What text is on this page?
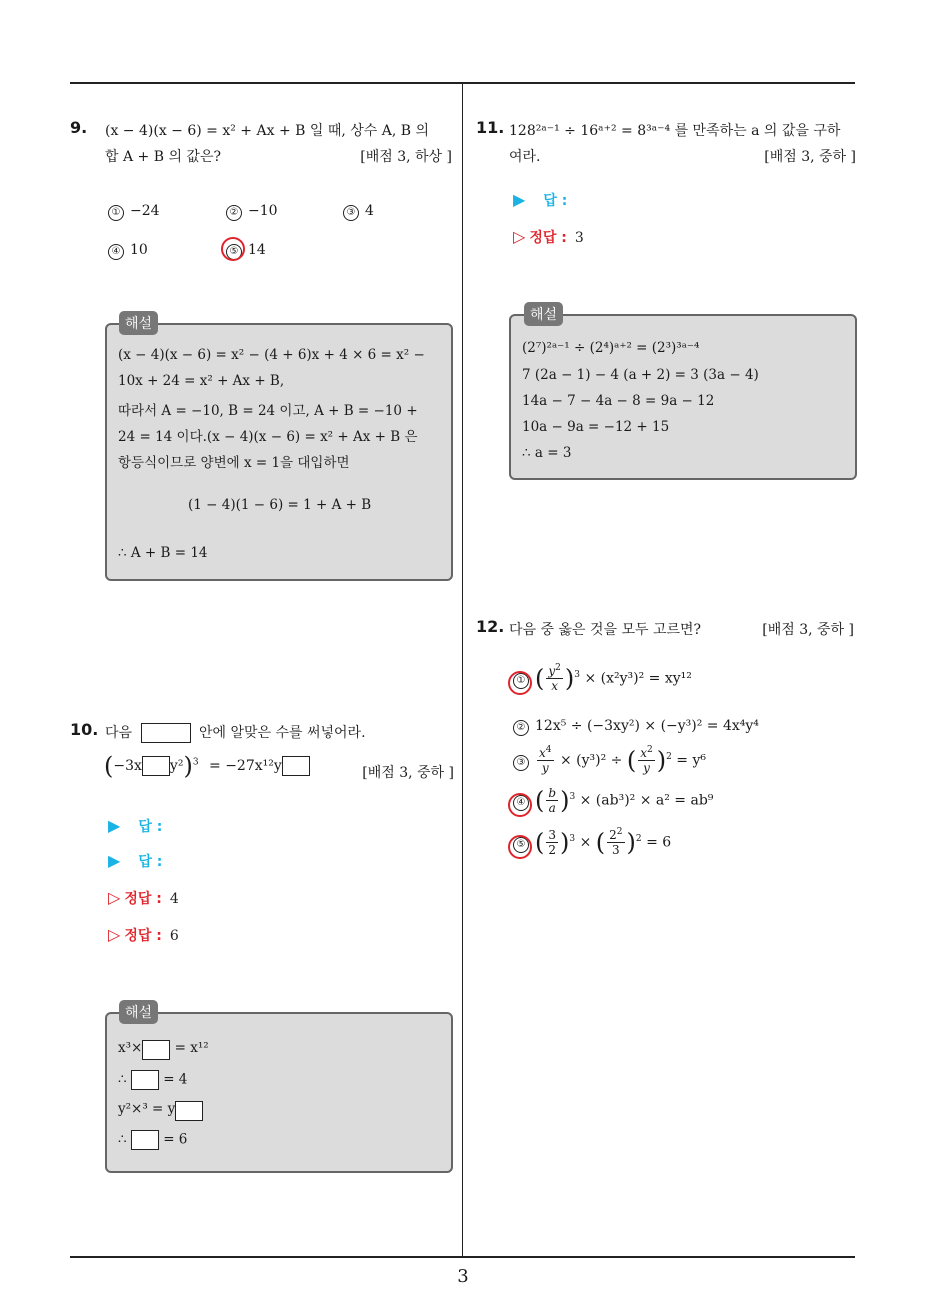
3
9. (x − 4)(x − 6) = x² + Ax + B 일 때, 상수 A, B 의
합 A + B 의 값은?	[배점 3, 하상 ]
① −24	② −10	③ 4
④ 10	⑤ 14
해설
(x − 4)(x − 6) = x² − (4 + 6)x + 4 × 6 = x² −
10x + 24 = x² + Ax + B,
따라서 A = −10, B = 24 이고, A + B = −10 +
24 = 14 이다.(x − 4)(x − 6) = x² + Ax + B 은
항등식이므로 양변에 x = 1을 대입하면
(1 − 4)(1 − 6) = 1 + A + B
∴ A + B = 14
10. 다음	안에 알맞은 수를 써넣어라.
(−3x y²)$^3$ = −27x¹²y	[배점 3, 중하 ]
▶ 답 :
▶ 답 :
▷ 정답 : 4
▷ 정답 : 6
해설
x³× = x¹²
∴	= 4
y²×³ = y
∴	= 6
11. 128²ᵃ⁻¹ ÷ 16ᵃ⁺² = 8³ᵃ⁻⁴ 를 만족하는 a 의 값을 구하
여라.	[배점 3, 중하 ]
▶ 답 :
▷ 정답 : 3
해설
(2⁷)²ᵃ⁻¹ ÷ (2⁴)ᵃ⁺² = (2³)³ᵃ⁻⁴
7 (2a − 1) − 4 (a + 2) = 3 (3a − 4)
14a − 7 − 4a − 8 = 9a − 12
10a − 9a = −12 + 15
∴ a = 3
12. 다음 중 옳은 것을 모두 고르면?	[배점 3, 중하 ]
① ( $\frac{y^2}{x} )^3 \times (x^2y^3)^2 = xy^{12}$
② 12x⁵ ÷ (−3xy²) × (−y³)² = 4x⁴y⁴
③ $\frac{x^4}{y} \times (y^3)^2$ ÷ ( $\frac{x^2}{y} )^2 = y^6$
④ ( $\frac{b}{a} )^3 \times (ab^3)^2 \times a^2 = ab^9$
⑤ ( $\frac{3}{2} )^3$ × ( $\frac{2^2}{3} )^2 = 6$
